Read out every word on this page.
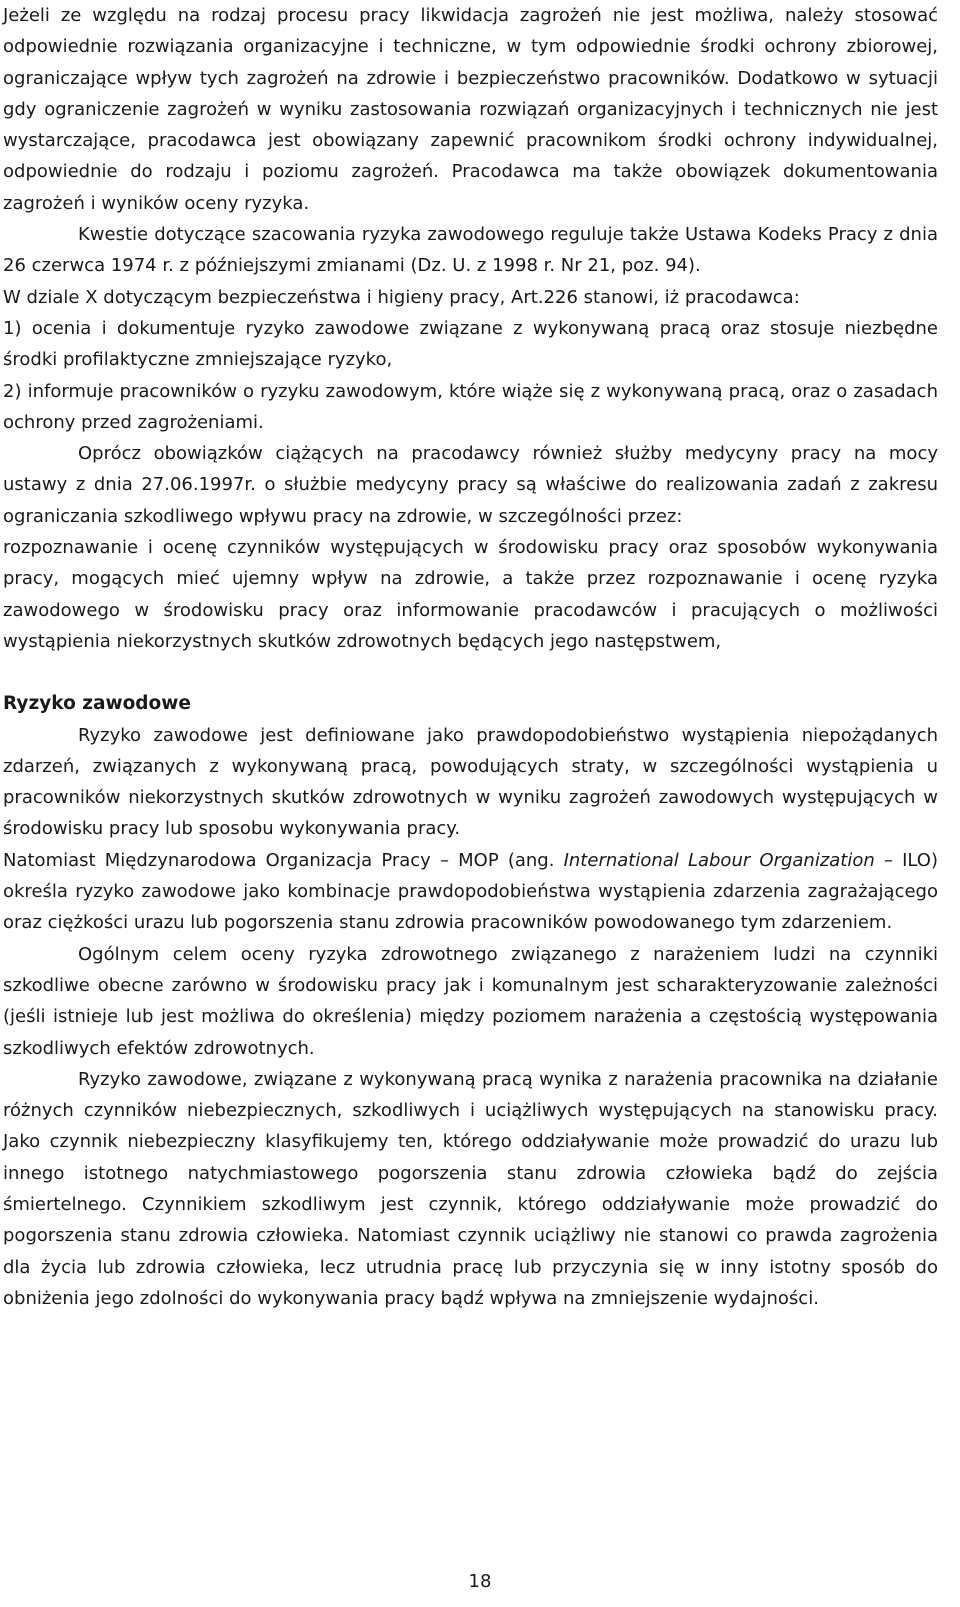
Jeżeli ze względu na rodzaj procesu pracy likwidacja zagrożeń nie jest możliwa, należy stosować odpowiednie rozwiązania organizacyjne i techniczne, w tym odpowiednie środki ochrony zbiorowej, ograniczające wpływ tych zagrożeń na zdrowie i bezpieczeństwo pracowników. Dodatkowo w sytuacji gdy ograniczenie zagrożeń w wyniku zastosowania rozwiązań organizacyjnych i technicznych nie jest wystarczające, pracodawca jest obowiązany zapewnić pracownikom środki ochrony indywidualnej, odpowiednie do rodzaju i poziomu zagrożeń. Pracodawca ma także obowiązek dokumentowania zagrożeń i wyników oceny ryzyka.

Kwestie dotyczące szacowania ryzyka zawodowego reguluje także Ustawa Kodeks Pracy z dnia 26 czerwca 1974 r. z późniejszymi zmianami (Dz. U. z 1998 r. Nr 21, poz. 94).

W dziale X dotyczącym bezpieczeństwa i higieny pracy, Art.226 stanowi, iż pracodawca:

1) ocenia i dokumentuje ryzyko zawodowe związane z wykonywaną pracą oraz stosuje niezbędne środki profilaktyczne zmniejszające ryzyko,

2) informuje pracowników o ryzyku zawodowym, które wiąże się z wykonywaną pracą, oraz o zasadach ochrony przed zagrożeniami.

Oprócz obowiązków ciążących na pracodawcy również służby medycyny pracy na mocy ustawy z dnia 27.06.1997r. o służbie medycyny pracy są właściwe do realizowania zadań z zakresu ograniczania szkodliwego wpływu pracy na zdrowie, w szczególności przez:

rozpoznawanie i ocenę czynników występujących w środowisku pracy oraz sposobów wykonywania pracy, mogących mieć ujemny wpływ na zdrowie, a także przez rozpoznawanie i ocenę ryzyka zawodowego w środowisku pracy oraz informowanie pracodawców i pracujących o możliwości wystąpienia niekorzystnych skutków zdrowotnych będących jego następstwem,

Ryzyko zawodowe

Ryzyko zawodowe jest definiowane jako prawdopodobieństwo wystąpienia niepożądanych zdarzeń, związanych z wykonywaną pracą, powodujących straty, w szczególności wystąpienia u pracowników niekorzystnych skutków zdrowotnych w wyniku zagrożeń zawodowych występujących w środowisku pracy lub sposobu wykonywania pracy.

Natomiast Międzynarodowa Organizacja Pracy – MOP (ang. International Labour Organization – ILO) określa ryzyko zawodowe jako kombinacje prawdopodobieństwa wystąpienia zdarzenia zagrażającego oraz ciężkości urazu lub pogorszenia stanu zdrowia pracowników powodowanego tym zdarzeniem.

Ogólnym celem oceny ryzyka zdrowotnego związanego z narażeniem ludzi na czynniki szkodliwe obecne zarówno w środowisku pracy jak i komunalnym jest scharakteryzowanie zależności (jeśli istnieje lub jest możliwa do określenia) między poziomem narażenia a częstością występowania szkodliwych efektów zdrowotnych.

Ryzyko zawodowe, związane z wykonywaną pracą wynika z narażenia pracownika na działanie różnych czynników niebezpiecznych, szkodliwych i uciążliwych występujących na stanowisku pracy. Jako czynnik niebezpieczny klasyfikujemy ten, którego oddziaływanie może prowadzić do urazu lub innego istotnego natychmiastowego pogorszenia stanu zdrowia człowieka bądź do zejścia śmiertelnego. Czynnikiem szkodliwym jest czynnik, którego oddziaływanie może prowadzić do pogorszenia stanu zdrowia człowieka. Natomiast czynnik uciążliwy nie stanowi co prawda zagrożenia dla życia lub zdrowia człowieka, lecz utrudnia pracę lub przyczynia się w inny istotny sposób do obniżenia jego zdolności do wykonywania pracy bądź wpływa na zmniejszenie wydajności.

18
